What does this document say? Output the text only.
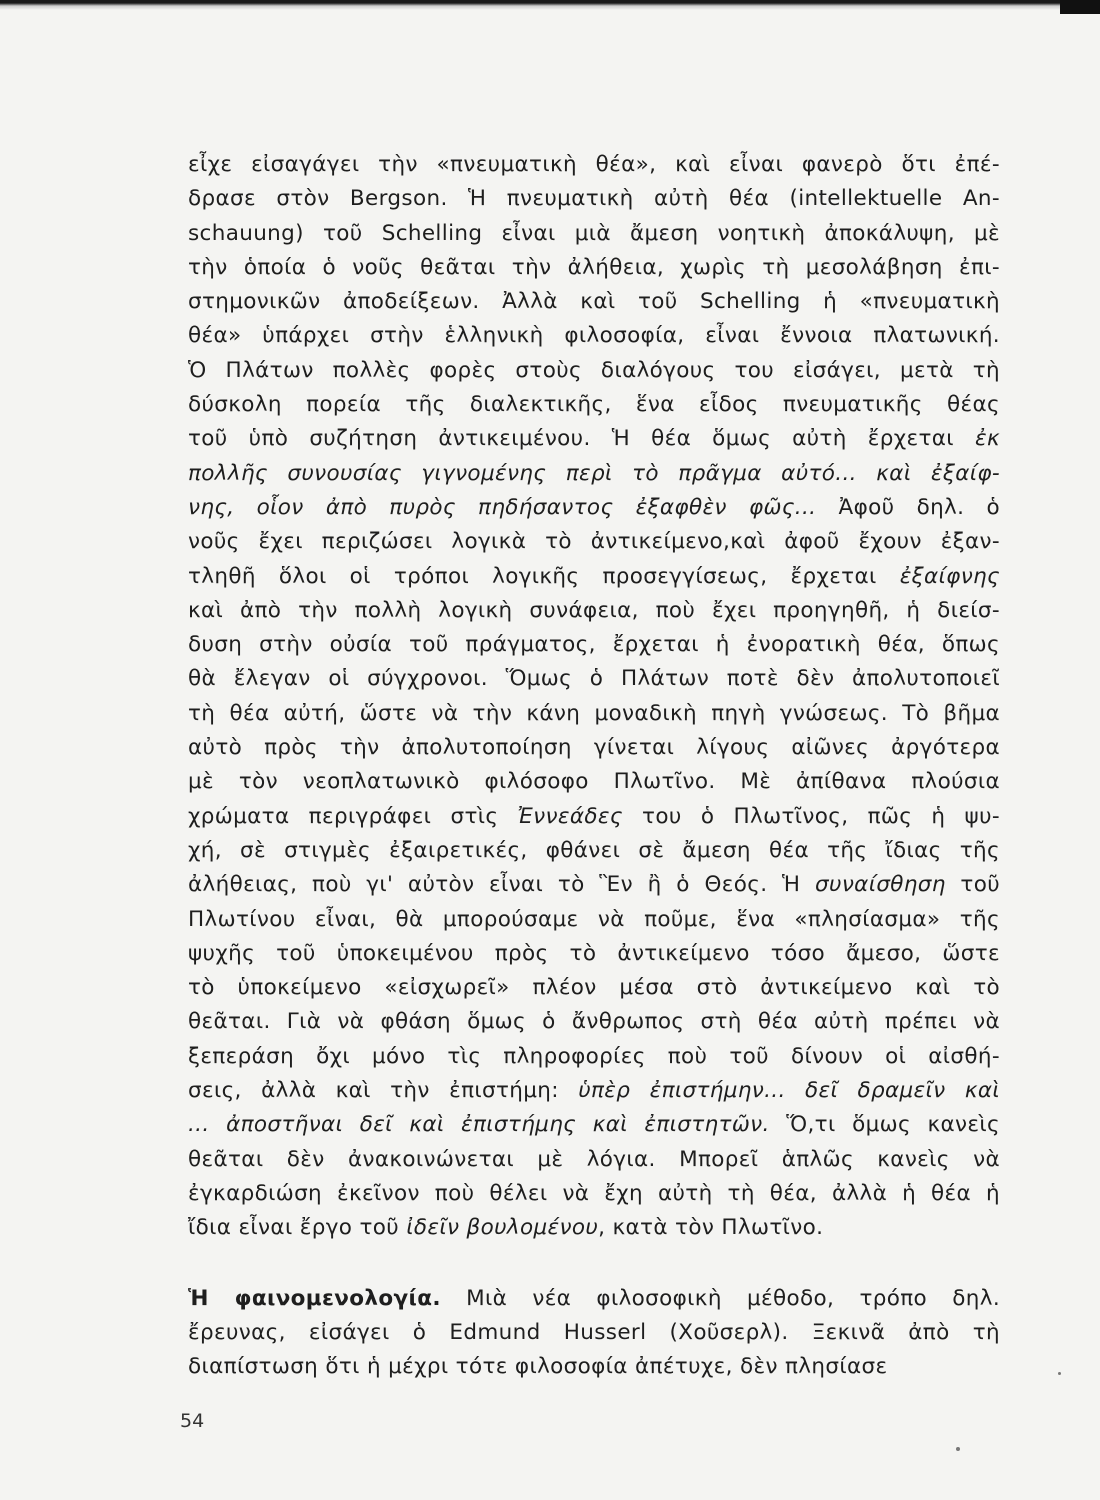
εἶχε εἰσαγάγει τὴν «πνευματικὴ θέα», καὶ εἶναι φανερὸ ὅτι ἐπέ-
δρασε στὸν Bergson. Ἡ πνευματικὴ αὐτὴ θέα (intellektuelle An-
schauung) τοῦ Schelling εἶναι μιὰ ἄμεση νοητικὴ ἀποκάλυψη, μὲ
τὴν ὁποία ὁ νοῦς θεᾶται τὴν ἀλήθεια, χωρὶς τὴ μεσολάβηση ἐπι-
στημονικῶν ἀποδείξεων. Ἀλλὰ καὶ τοῦ Schelling ἡ «πνευματικὴ
θέα» ὑπάρχει στὴν ἑλληνικὴ φιλοσοφία, εἶναι ἔννοια πλατωνική.
Ὁ Πλάτων πολλὲς φορὲς στοὺς διαλόγους του εἰσάγει, μετὰ τὴ
δύσκολη πορεία τῆς διαλεκτικῆς, ἕνα εἶδος πνευματικῆς θέας
τοῦ ὑπὸ συζήτηση ἀντικειμένου. Ἡ θέα ὅμως αὐτὴ ἔρχεται ἐκ
πολλῆς συνουσίας γιγνομένης περὶ τὸ πρᾶγμα αὐτό... καὶ ἐξαίφ-
νης, οἷον ἀπὸ πυρὸς πηδήσαντος ἐξαφθὲν φῶς... Ἀφοῦ δηλ. ὁ
νοῦς ἔχει περιζώσει λογικὰ τὸ ἀντικείμενο,καὶ ἀφοῦ ἔχουν ἐξαν-
τληθῆ ὅλοι οἱ τρόποι λογικῆς προσεγγίσεως, ἔρχεται ἐξαίφνης
καὶ ἀπὸ τὴν πολλὴ λογικὴ συνάφεια, ποὺ ἔχει προηγηθῆ, ἡ διείσ-
δυση στὴν οὐσία τοῦ πράγματος, ἔρχεται ἡ ἐνορατικὴ θέα, ὅπως
θὰ ἔλεγαν οἱ σύγχρονοι. Ὅμως ὁ Πλάτων ποτὲ δὲν ἀπολυτοποιεῖ
τὴ θέα αὐτή, ὥστε νὰ τὴν κάνη μοναδικὴ πηγὴ γνώσεως. Τὸ βῆμα
αὐτὸ πρὸς τὴν ἀπολυτοποίηση γίνεται λίγους αἰῶνες ἀργότερα
μὲ τὸν νεοπλατωνικὸ φιλόσοφο Πλωτῖνο. Μὲ ἀπίθανα πλούσια
χρώματα περιγράφει στὶς Ἐννεάδες του ὁ Πλωτῖνος, πῶς ἡ ψυ-
χή, σὲ στιγμὲς ἐξαιρετικές, φθάνει σὲ ἄμεση θέα τῆς ἴδιας τῆς
ἀλήθειας, ποὺ γι' αὐτὸν εἶναι τὸ Ἓν ἢ ὁ Θεός. Ἡ συναίσθηση τοῦ
Πλωτίνου εἶναι, θὰ μπορούσαμε νὰ ποῦμε, ἕνα «πλησίασμα» τῆς
ψυχῆς τοῦ ὑποκειμένου πρὸς τὸ ἀντικείμενο τόσο ἄμεσο, ὥστε
τὸ ὑποκείμενο «εἰσχωρεῖ» πλέον μέσα στὸ ἀντικείμενο καὶ τὸ
θεᾶται. Γιὰ νὰ φθάση ὅμως ὁ ἄνθρωπος στὴ θέα αὐτὴ πρέπει νὰ
ξεπεράση ὄχι μόνο τὶς πληροφορίες ποὺ τοῦ δίνουν οἱ αἰσθή-
σεις, ἀλλὰ καὶ τὴν ἐπιστήμη: ὑπὲρ ἐπιστήμην... δεῖ δραμεῖν καὶ
... ἀποστῆναι δεῖ καὶ ἐπιστήμης καὶ ἐπιστητῶν. Ὅ,τι ὅμως κανεὶς
θεᾶται δὲν ἀνακοινώνεται μὲ λόγια. Μπορεῖ ἁπλῶς κανεὶς νὰ
ἐγκαρδιώση ἐκεῖνον ποὺ θέλει νὰ ἔχη αὐτὴ τὴ θέα, ἀλλὰ ἡ θέα ἡ
ἴδια εἶναι ἔργο τοῦ ἰδεῖν βουλομένου, κατὰ τὸν Πλωτῖνο.
Ἡ φαινομενολογία. Μιὰ νέα φιλοσοφικὴ μέθοδο, τρόπο δηλ.
ἔρευνας, εἰσάγει ὁ Edmund Husserl (Χοῦσερλ). Ξεκινᾶ ἀπὸ τὴ
διαπίστωση ὅτι ἡ μέχρι τότε φιλοσοφία ἀπέτυχε, δὲν πλησίασε
54
